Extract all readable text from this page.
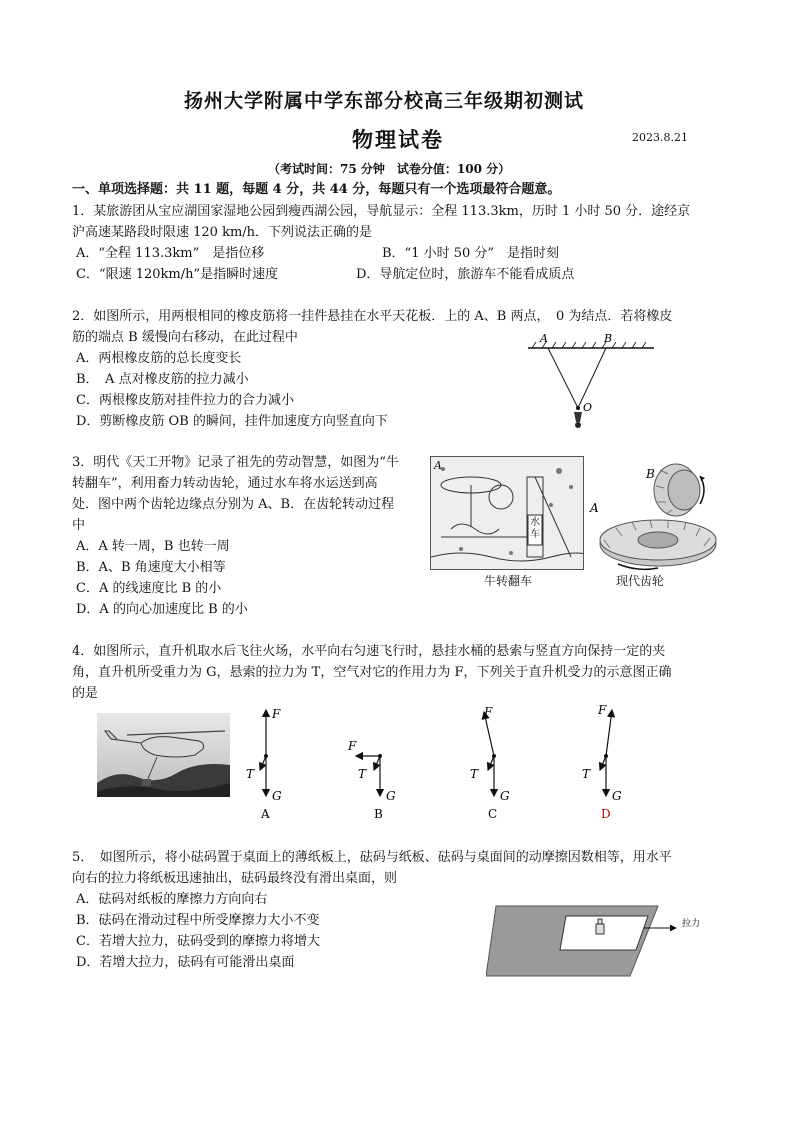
扬州大学附属中学东部分校高三年级期初测试
物理试卷	2023.8.21
（考试时间：75 分钟　试卷分值：100 分）
一、单项选择题：共 11 题，每题 4 分，共 44 分，每题只有一个选项最符合题意。
1．某旅游团从宝应湖国家湿地公园到瘦西湖公园，导航显示：全程 113.3km，历时 1 小时 50 分．途经京
沪高速某路段时限速 120 km/h．下列说法正确的是
A．“全程 113.3km”　是指位移	B．“1 小时 50 分”　是指时刻
C．“限速 120km/h”是指瞬时速度	D．导航定位时，旅游车不能看成质点
2．如图所示，用两根相同的橡皮筋将一挂件悬挂在水平天花板．上的 A、B 两点，　0 为结点．若将橡皮
筋的端点 B 缓慢向右移动，在此过程中
A．两根橡皮筋的总长度变长
B．　A 点对橡皮筋的拉力减小
C．两根橡皮筋对挂件拉力的合力减小
D．剪断橡皮筋 OB 的瞬间，挂件加速度方向竖直向下
A	B
O
3．明代《天工开物》记录了祖先的劳动智慧，如图为“牛
转翻车”，利用畜力转动齿轮，通过水车将水运送到高
处．图中两个齿轮边缘点分别为 A、B．在齿轮转动过程
中
A．A 转一周，B 也转一周
B．A、B 角速度大小相等
C．A 的线速度比 B 的小
D．A 的向心加速度比 B 的小
水车
A
牛转翻车
B
A
现代齿轮
4．如图所示，直升机取水后飞往火场，水平向右匀速飞行时，悬挂水桶的悬索与竖直方向保持一定的夹
角，直升机所受重力为 G，悬索的拉力为 T，空气对它的作用力为 F，下列关于直升机受力的示意图正确
的是
F
T
G
A
F
T
G
B
F
T
G
C
F
T
G
D
5．　如图所示，将小砝码置于桌面上的薄纸板上，砝码与纸板、砝码与桌面间的动摩擦因数相等，用水平
向右的拉力将纸板迅速抽出，砝码最终没有滑出桌面，则
A．砝码对纸板的摩擦力方向向右
B．砝码在滑动过程中所受摩擦力大小不变
C．若增大拉力，砝码受到的摩擦力将增大
D．若增大拉力，砝码有可能滑出桌面
拉力
